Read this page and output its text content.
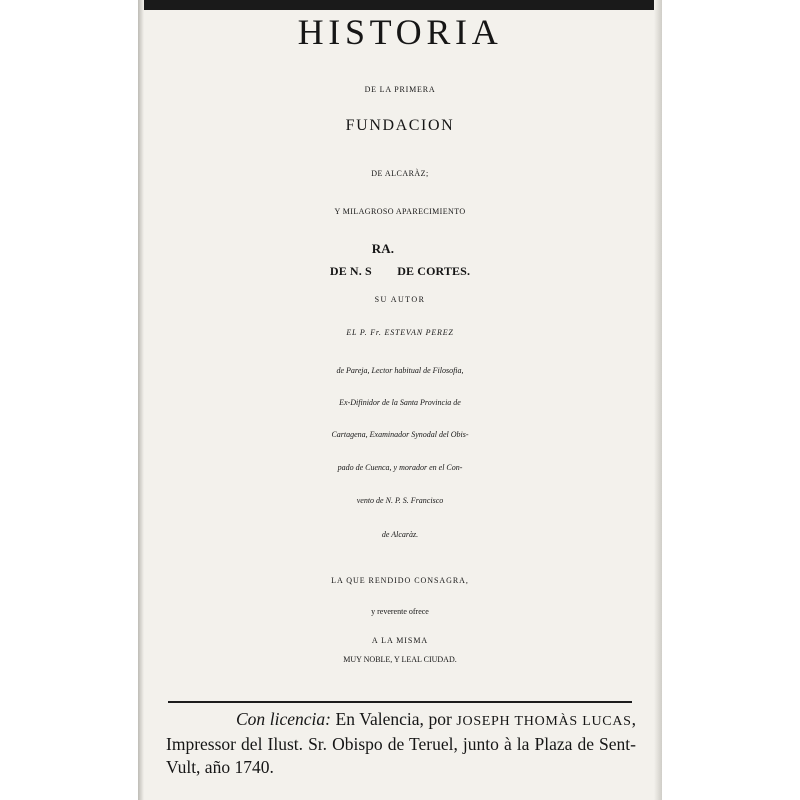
HISTORIA
DE LA PRIMERA
FUNDACION
DE ALCARÀZ;
Y MILAGROSO APARECIMIENTO
DE N. SRA. DE CORTES.
SU AUTOR
EL P. Fr. ESTEVAN PEREZ
de Pareja, Lector habitual de Filosofia,
Ex-Difinidor de la Santa Provincia de
Cartagena, Examinador Synodal del Obis-
pado de Cuenca, y morador en el Con-
vento de N. P. S. Francisco
de Alcaràz.
LA QUE RENDIDO CONSAGRA,
y reverente ofrece
A LA MISMA
MUY NOBLE, Y LEAL CIUDAD.
Con licencia: En Valencia, por JOSEPH THOMÀS LUCAS, Impressor del Ilust. Sr. Obispo de Teruel, junto à la Plaza de Sent-Vult, año 1740.
